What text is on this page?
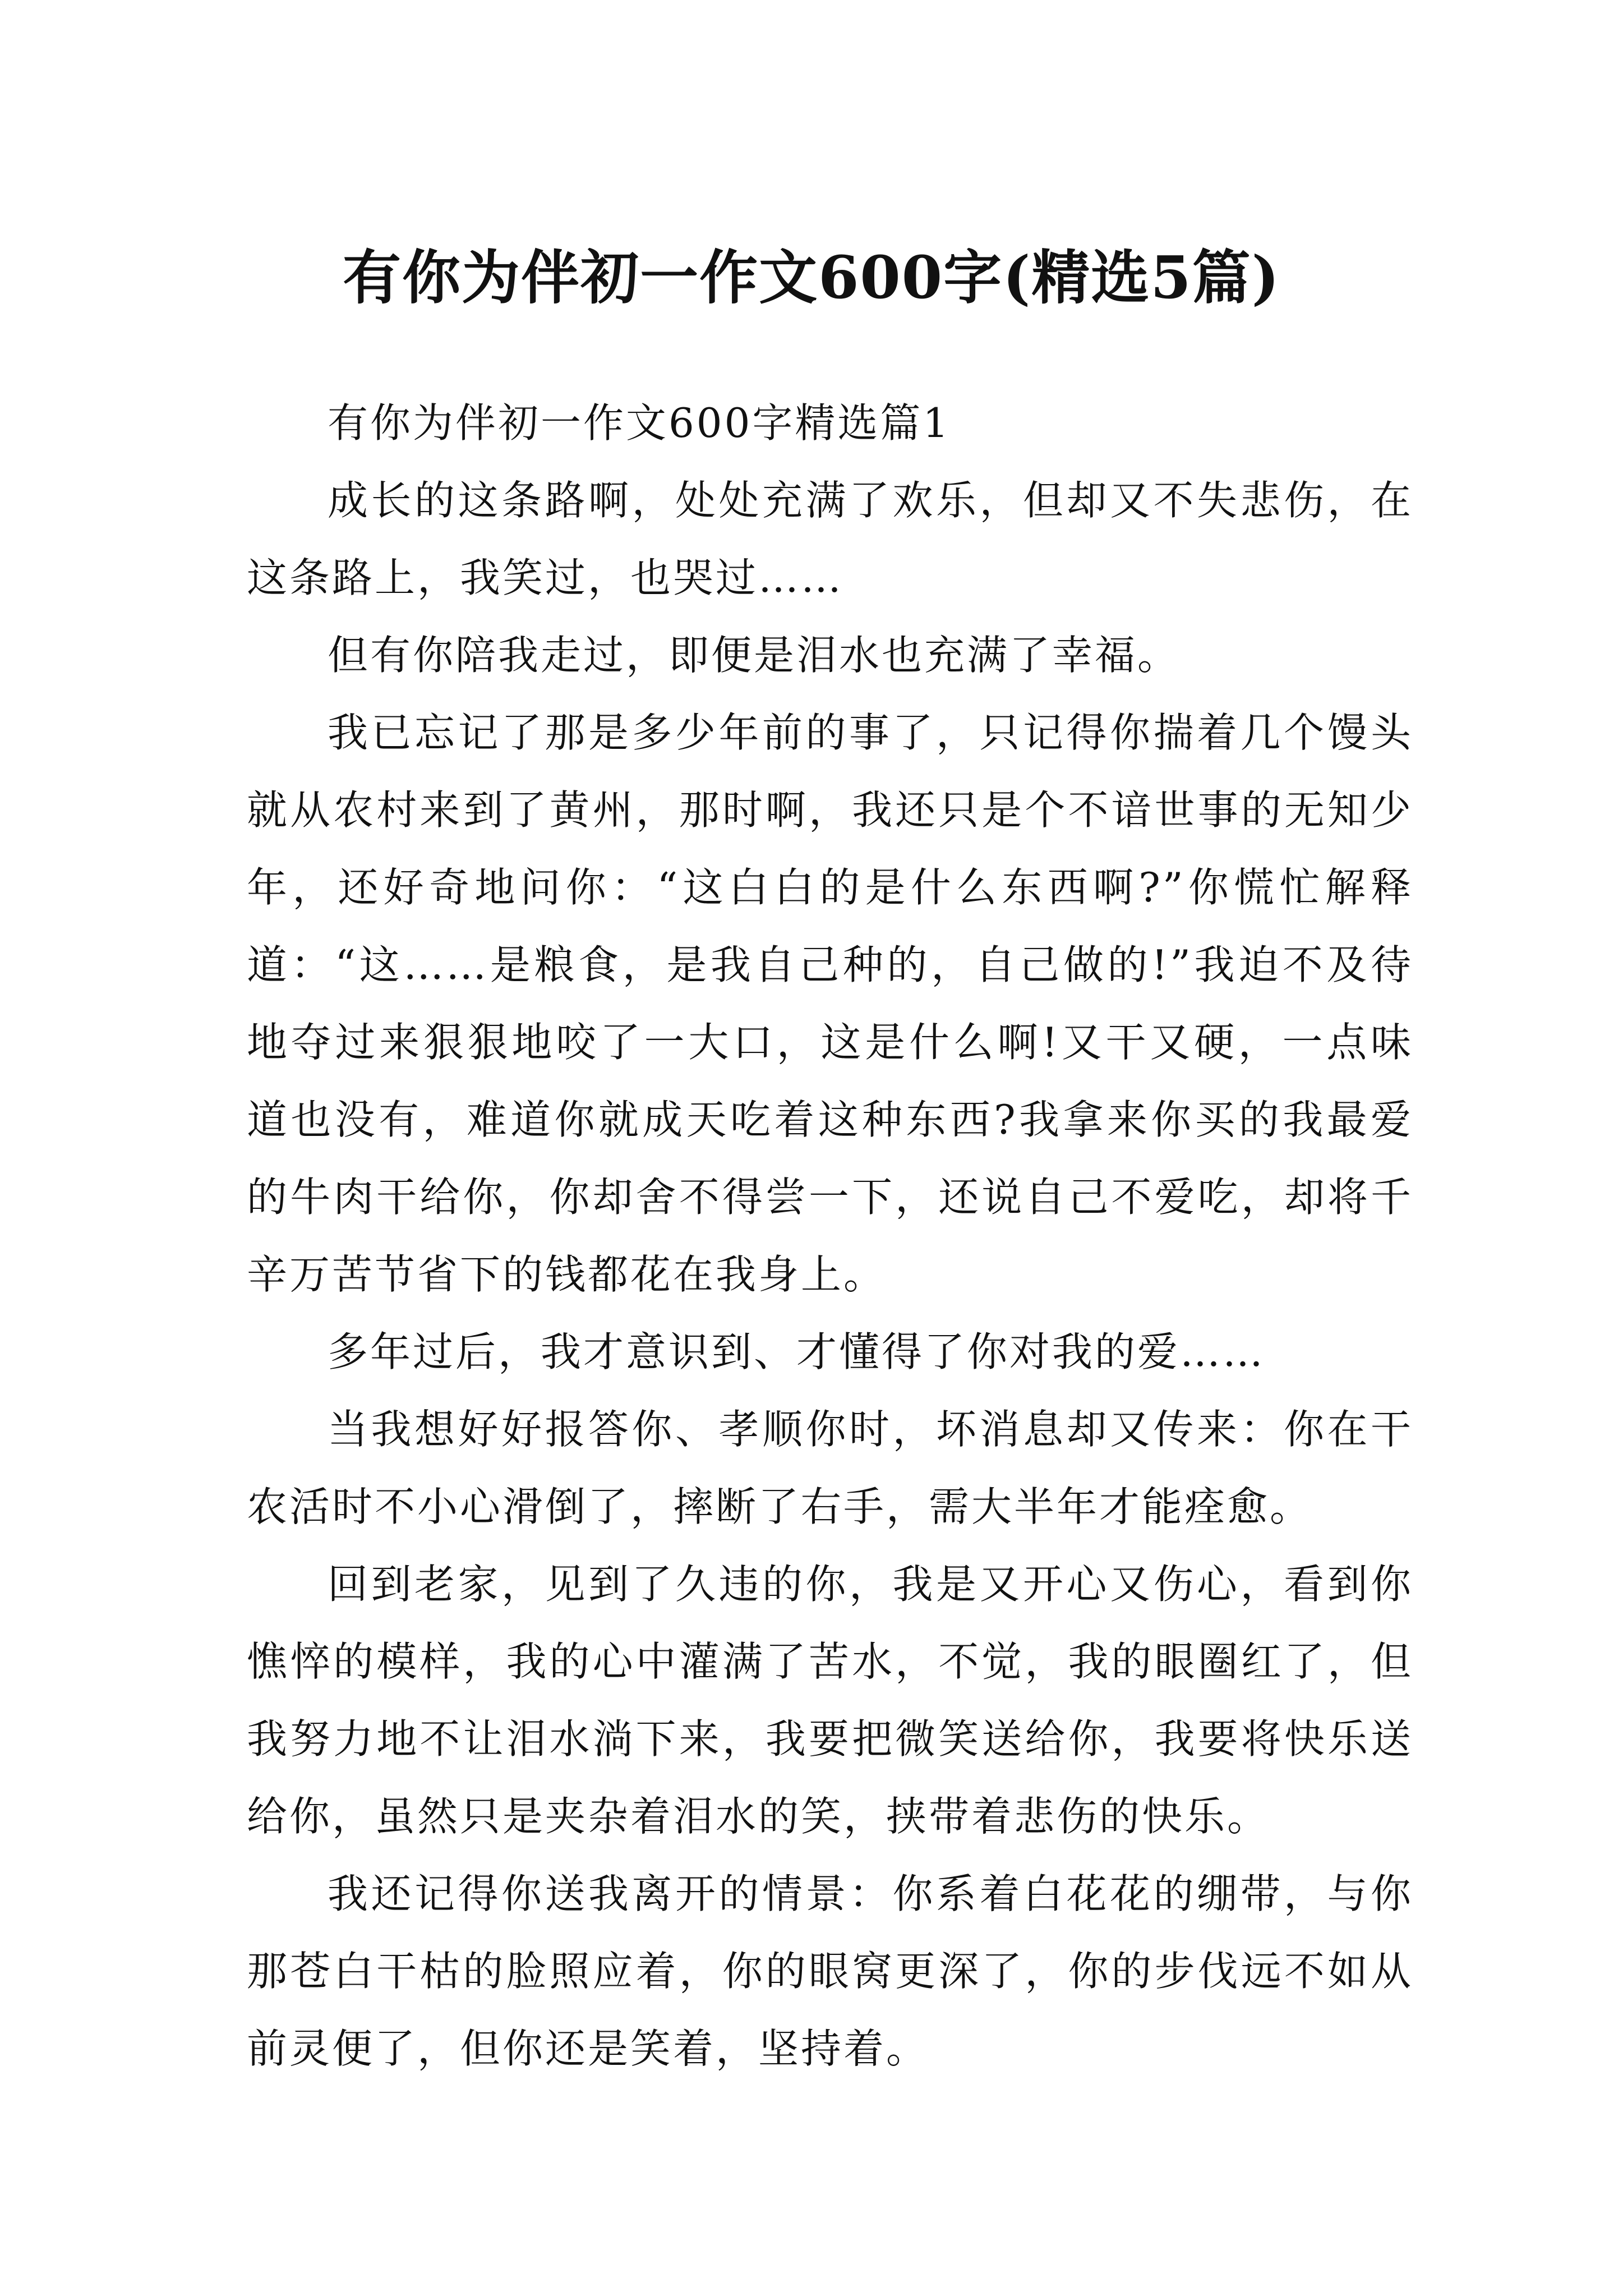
有你为伴初一作文600字(精选5篇)

有你为伴初一作文600字精选篇1

成长的这条路啊，处处充满了欢乐，但却又不失悲伤，在这条路上，我笑过，也哭过……

但有你陪我走过，即便是泪水也充满了幸福。

我已忘记了那是多少年前的事了，只记得你揣着几个馒头就从农村来到了黄州，那时啊，我还只是个不谙世事的无知少年，还好奇地问你：“这白白的是什么东西啊?”你慌忙解释道：“这……是粮食，是我自己种的，自己做的!”我迫不及待地夺过来狠狠地咬了一大口，这是什么啊!又干又硬，一点味道也没有，难道你就成天吃着这种东西?我拿来你买的我最爱的牛肉干给你，你却舍不得尝一下，还说自己不爱吃，却将千辛万苦节省下的钱都花在我身上。

多年过后，我才意识到、才懂得了你对我的爱……

当我想好好报答你、孝顺你时，坏消息却又传来：你在干农活时不小心滑倒了，摔断了右手，需大半年才能痊愈。

回到老家，见到了久违的你，我是又开心又伤心，看到你憔悴的模样，我的心中灌满了苦水，不觉，我的眼圈红了，但我努力地不让泪水淌下来，我要把微笑送给你，我要将快乐送给你，虽然只是夹杂着泪水的笑，挟带着悲伤的快乐。

我还记得你送我离开的情景：你系着白花花的绷带，与你那苍白干枯的脸照应着，你的眼窝更深了，你的步伐远不如从前灵便了，但你还是笑着，坚持着。
